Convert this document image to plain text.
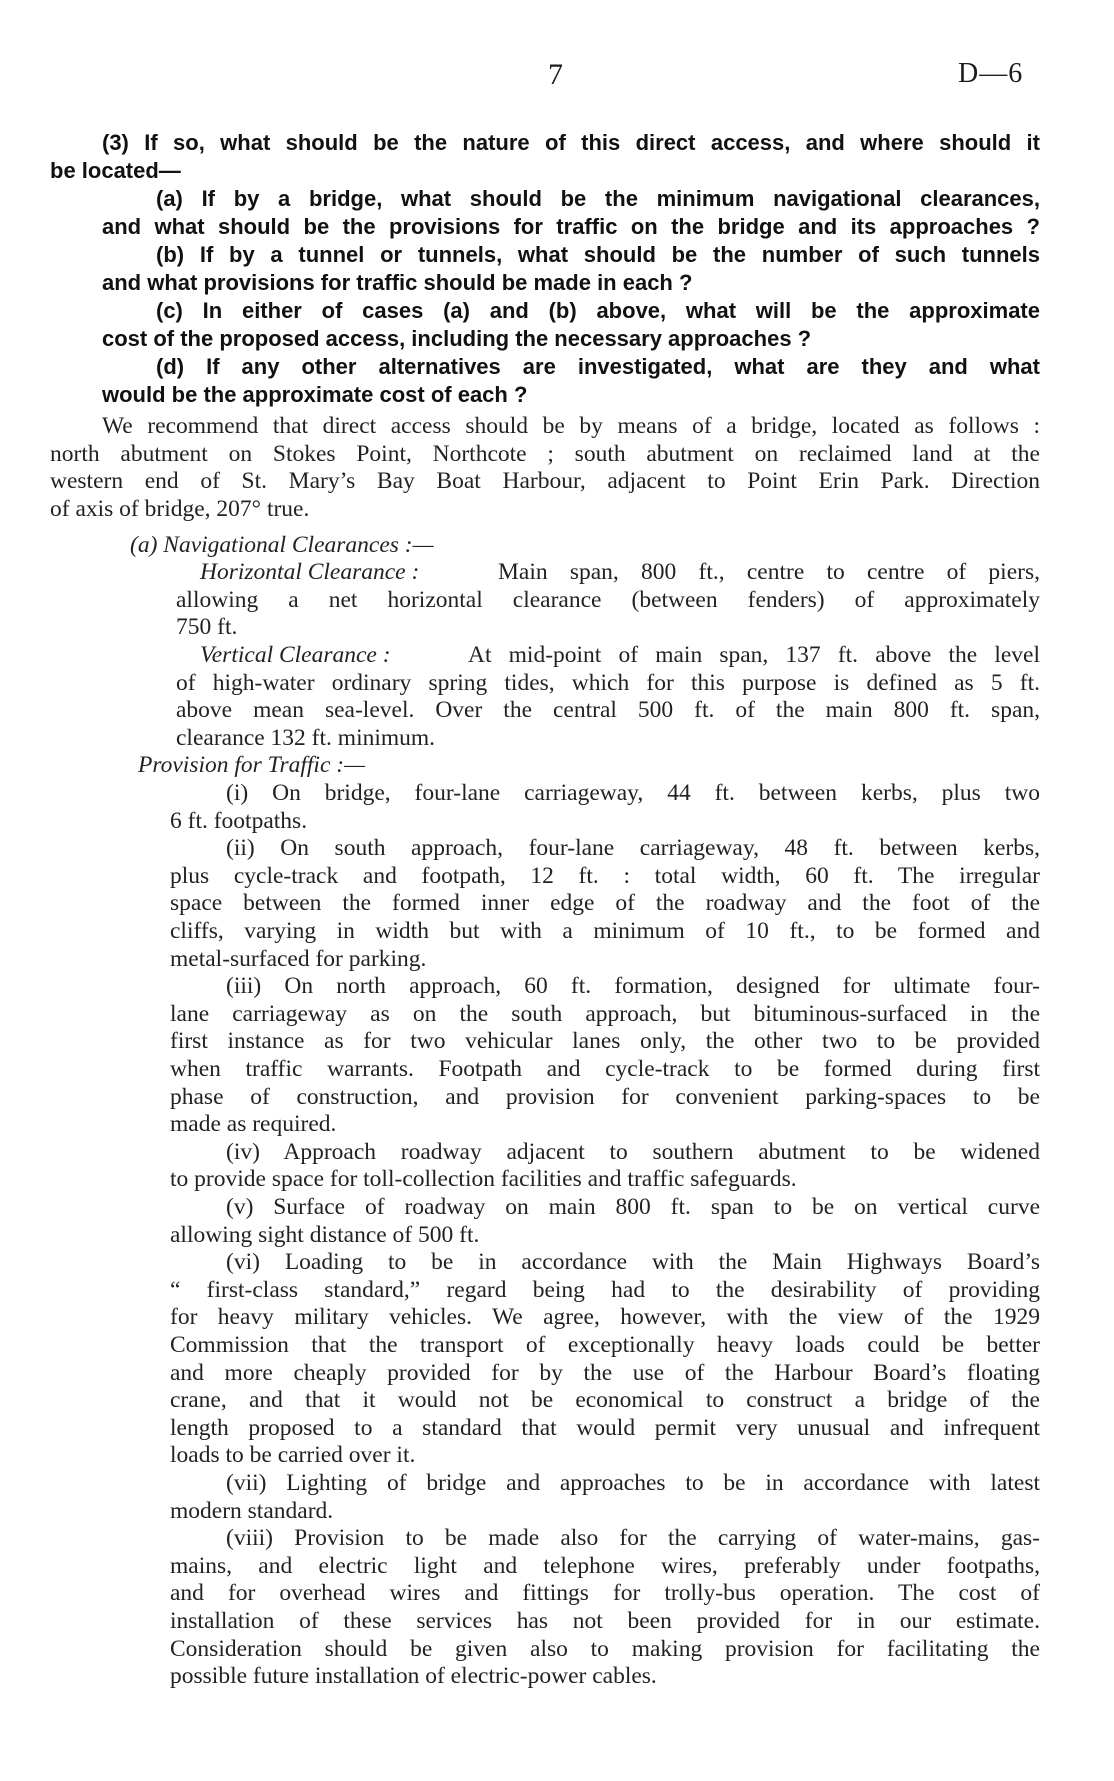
7	D—6
(3) If so, what should be the nature of this direct access, and where should it
be located—
(a) If by a bridge, what should be the minimum navigational clearances,
and what should be the provisions for traffic on the bridge and its approaches ?
(b) If by a tunnel or tunnels, what should be the number of such tunnels
and what provisions for traffic should be made in each ?
(c) In either of cases (a) and (b) above, what will be the approximate
cost of the proposed access, including the necessary approaches ?
(d) If any other alternatives are investigated, what are they and what
would be the approximate cost of each ?
We recommend that direct access should be by means of a bridge, located as follows :
north abutment on Stokes Point, Northcote ; south abutment on reclaimed land at the
western end of St. Mary’s Bay Boat Harbour, adjacent to Point Erin Park. Direction
of axis of bridge, 207° true.
(a) Navigational Clearances :—
Horizontal Clearance :	Main span, 800 ft., centre to centre of piers,
allowing a net horizontal clearance (between fenders) of approximately
750 ft.
Vertical Clearance :	At mid-point of main span, 137 ft. above the level
of high-water ordinary spring tides, which for this purpose is defined as 5 ft.
above mean sea-level. Over the central 500 ft. of the main 800 ft. span,
clearance 132 ft. minimum.
Provision for Traffic :—
(i) On bridge, four-lane carriageway, 44 ft. between kerbs, plus two
6 ft. footpaths.
(ii) On south approach, four-lane carriageway, 48 ft. between kerbs,
plus cycle-track and footpath, 12 ft. : total width, 60 ft. The irregular
space between the formed inner edge of the roadway and the foot of the
cliffs, varying in width but with a minimum of 10 ft., to be formed and
metal-surfaced for parking.
(iii) On north approach, 60 ft. formation, designed for ultimate four-
lane carriageway as on the south approach, but bituminous-surfaced in the
first instance as for two vehicular lanes only, the other two to be provided
when traffic warrants. Footpath and cycle-track to be formed during first
phase of construction, and provision for convenient parking-spaces to be
made as required.
(iv) Approach roadway adjacent to southern abutment to be widened
to provide space for toll-collection facilities and traffic safeguards.
(v) Surface of roadway on main 800 ft. span to be on vertical curve
allowing sight distance of 500 ft.
(vi) Loading to be in accordance with the Main Highways Board’s
“ first-class standard,” regard being had to the desirability of providing
for heavy military vehicles. We agree, however, with the view of the 1929
Commission that the transport of exceptionally heavy loads could be better
and more cheaply provided for by the use of the Harbour Board’s floating
crane, and that it would not be economical to construct a bridge of the
length proposed to a standard that would permit very unusual and infrequent
loads to be carried over it.
(vii) Lighting of bridge and approaches to be in accordance with latest
modern standard.
(viii) Provision to be made also for the carrying of water-mains, gas-
mains, and electric light and telephone wires, preferably under footpaths,
and for overhead wires and fittings for trolly-bus operation. The cost of
installation of these services has not been provided for in our estimate.
Consideration should be given also to making provision for facilitating the
possible future installation of electric-power cables.
